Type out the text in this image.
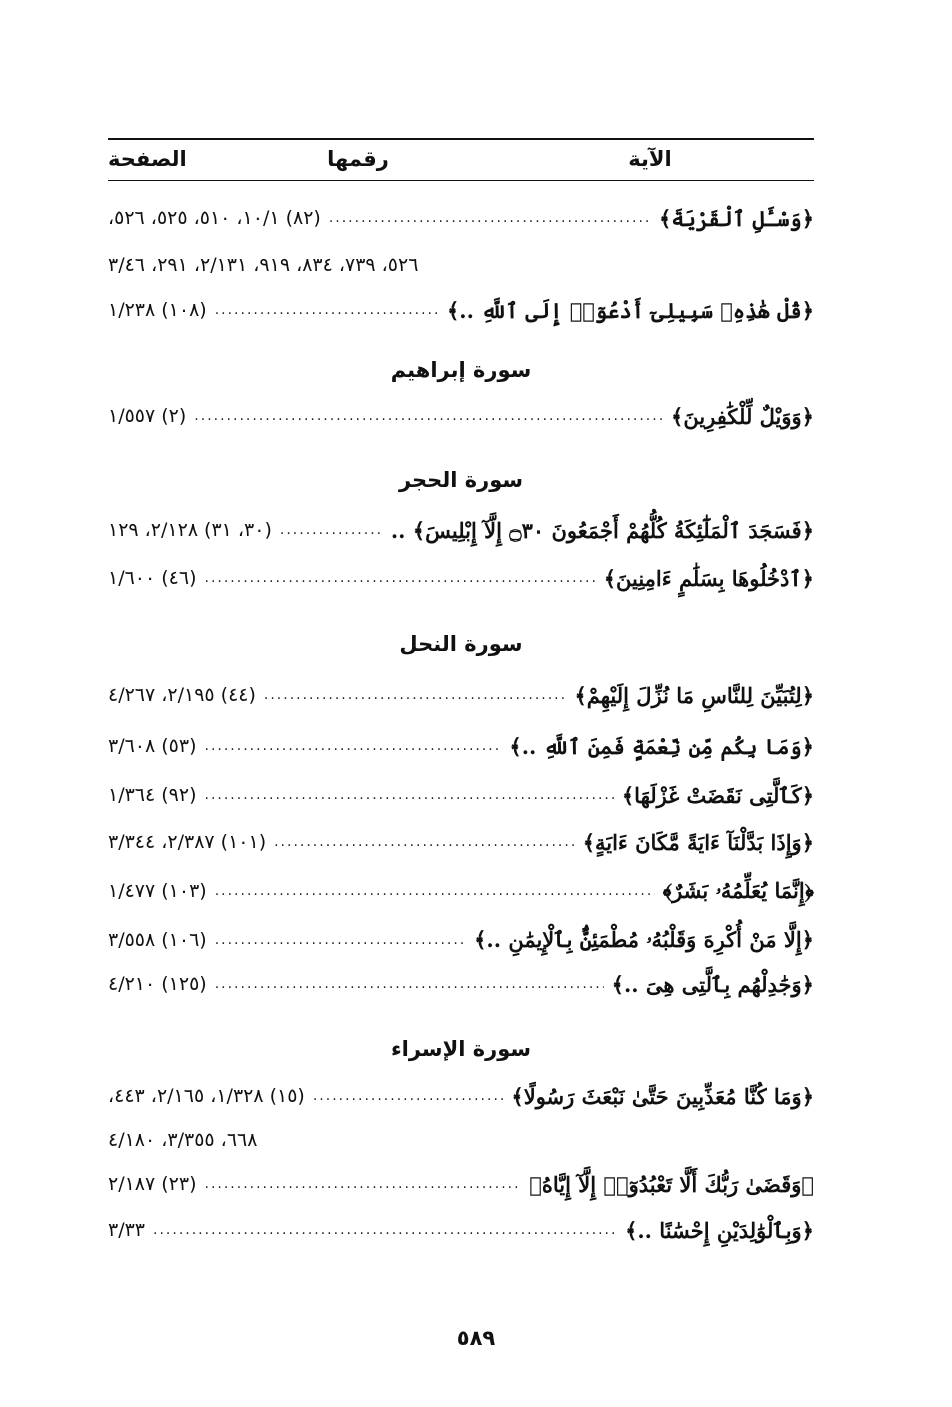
الآية
رقمها
الصفحة
﴿وَسْـَٔلِ ٱلْقَرْيَةَ﴾
.....
(٨٢)
١٠/١، ٥١٠، ٥٢٥، ٥٢٦،
٥٢٦، ٧٣٩، ٨٣٤، ٩١٩، ٢/١٣١، ٢٩١، ٣/٤٦
﴿قُلْ هَٰذِهِۦ سَبِيلِىٓ أَدْعُوٓا۟ إِلَى ٱللَّهِ ..﴾
.....
(١٠٨)
١/٢٣٨
سورة إبراهيم
﴿وَوَيْلٌ لِّلْكَٰفِرِينَ﴾
.....
(٢)
١/٥٥٧
سورة الحجر
﴿فَسَجَدَ ٱلْمَلَٰٓئِكَةُ كُلُّهُمْ أَجْمَعُونَ ۝٣٠ إِلَّآ إِبْلِيسَ﴾ ..
.....
(٣٠، ٣١)
٢/١٢٨، ١٢٩
﴿ٱدْخُلُوهَا بِسَلَٰمٍ ءَامِنِينَ﴾
.....
(٤٦)
١/٦٠٠
سورة النحل
﴿لِتُبَيِّنَ لِلنَّاسِ مَا نُزِّلَ إِلَيْهِمْ﴾
.....
(٤٤)
٢/١٩٥، ٤/٢٦٧
﴿وَمَا بِكُم مِّن نِّعْمَةٍ فَمِنَ ٱللَّهِ ..﴾
.....
(٥٣)
٣/٦٠٨
﴿كَٱلَّتِى نَقَضَتْ غَزْلَهَا﴾
.....
(٩٢)
١/٣٦٤
﴿وَإِذَا بَدَّلْنَآ ءَايَةً مَّكَانَ ءَايَةٍ﴾
.....
(١٠١)
٢/٣٨٧، ٣/٣٤٤
﴿إِنَّمَا يُعَلِّمُهُۥ بَشَرٌ﴾
.....
(١٠٣)
١/٤٧٧
﴿إِلَّا مَنْ أُكْرِهَ وَقَلْبُهُۥ مُطْمَئِنٌّۢ بِٱلْإِيمَٰنِ ..﴾
.....
(١٠٦)
٣/٥٥٨
﴿وَجَٰدِلْهُم بِٱلَّتِى هِىَ ..﴾
.....
(١٢٥)
٤/٢١٠
سورة الإسراء
﴿وَمَا كُنَّا مُعَذِّبِينَ حَتَّىٰ نَبْعَثَ رَسُولًا﴾
.....
(١٥)
١/٣٢٨، ٢/١٦٥، ٤٤٣،
٦٦٨، ٣/٣٥٥، ٤/١٨٠
﴿وَقَضَىٰ رَبُّكَ أَلَّا تَعْبُدُوٓا۟ إِلَّآ إِيَّاهُ﴾
.....
(٢٣)
٢/١٨٧
﴿وَبِٱلْوَٰلِدَيْنِ إِحْسَٰنًا ..﴾
.....
٣/٣٣
٥٨٩
